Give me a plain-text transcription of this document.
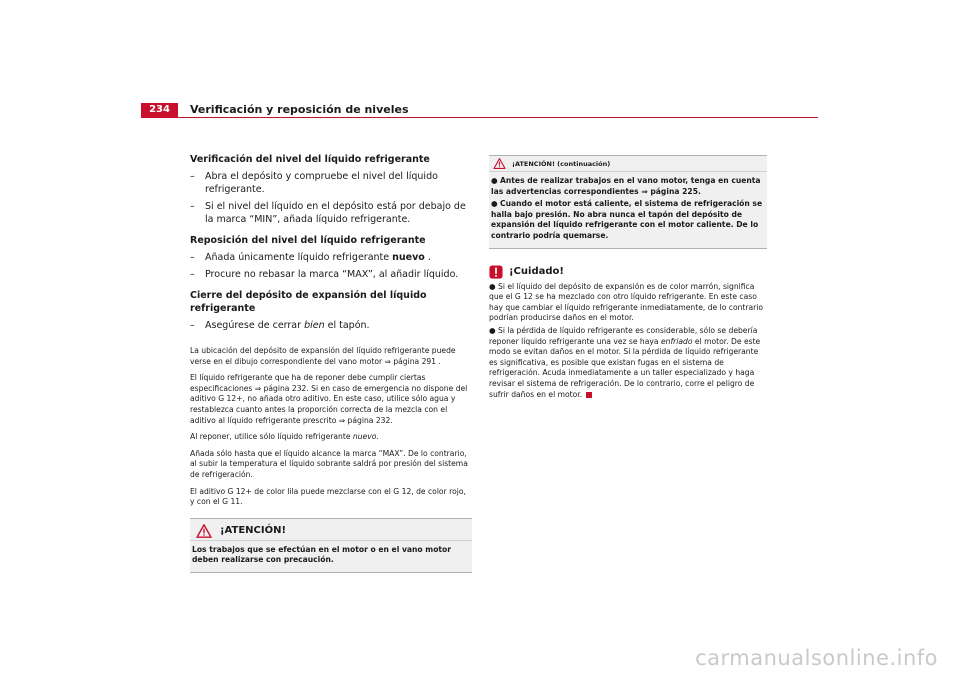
234	Verificación y reposición de niveles

Verificación del nivel del líquido refrigerante

– Abra el depósito y compruebe el nivel del líquido refrigerante.

– Si el nivel del líquido en el depósito está por debajo de la marca “MIN”, añada líquido refrigerante.

Reposición del nivel del líquido refrigerante

– Añada únicamente líquido refrigerante nuevo .

– Procure no rebasar la marca “MAX”, al añadir líquido.

Cierre del depósito de expansión del líquido refrigerante

– Asegúrese de cerrar bien el tapón.

La ubicación del depósito de expansión del líquido refrigerante puede verse en el dibujo correspondiente del vano motor ⇒ página 291 .

El líquido refrigerante que ha de reponer debe cumplir ciertas especificaciones ⇒ página 232. Si en caso de emergencia no dispone del aditivo G 12+, no añada otro aditivo. En este caso, utilice sólo agua y restablezca cuanto antes la proporción correcta de la mezcla con el aditivo al líquido refrigerante prescrito ⇒ página 232.

Al reponer, utilice sólo líquido refrigerante nuevo.

Añada sólo hasta que el líquido alcance la marca “MAX”. De lo contrario, al subir la temperatura el líquido sobrante saldrá por presión del sistema de refrigeración.

El aditivo G 12+ de color lila puede mezclarse con el G 12, de color rojo, y con el G 11.

¡ATENCIÓN!
Los trabajos que se efectúan en el motor o en el vano motor deben realizarse con precaución.
¡ATENCIÓN! (continuación)

● Antes de realizar trabajos en el vano motor, tenga en cuenta las advertencias correspondientes ⇒ página 225.

● Cuando el motor está caliente, el sistema de refrigeración se halla bajo presión. No abra nunca el tapón del depósito de expansión del líquido refrigerante con el motor caliente. De lo contrario podría quemarse.

¡Cuidado!

● Si el líquido del depósito de expansión es de color marrón, significa que el G 12 se ha mezclado con otro líquido refrigerante. En este caso hay que cambiar el líquido refrigerante inmediatamente, de lo contrario podrían producirse daños en el motor.

● Si la pérdida de líquido refrigerante es considerable, sólo se debería reponer líquido refrigerante una vez se haya enfriado el motor. De este modo se evitan daños en el motor. Si la pérdida de líquido refrigerante es significativa, es posible que existan fugas en el sistema de refrigeración. Acuda inmediatamente a un taller especializado y haga revisar el sistema de refrigeración. De lo contrario, corre el peligro de sufrir daños en el motor.

carmanualsonline.info
